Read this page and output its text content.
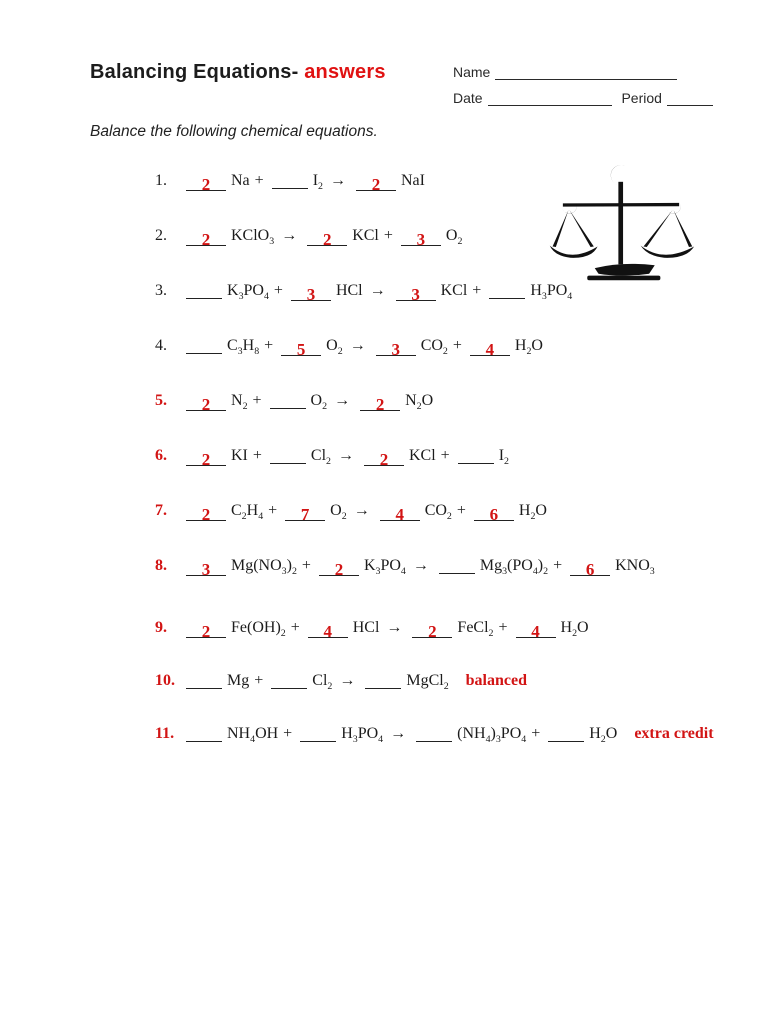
Balancing Equations- answers	Name
Date	Period

Balance the following chemical equations.

1.	2 Na +	$I_2 \to 2$ NaI
2.	2 KClO$_3$ → 2 KCl + 3 $O_2$
3.	$K_3PO_4 + 3$ HCl → 3 KCl +	$H_3PO_4$
4.	$C_3H_8 + 5$ $O_2 \to 3$ $CO_2 + 4$ $H_2O$
5.	2 $N_2$ +	$O_2 \to 2$ $N_2O$
6.	2 KI +	$Cl_2 \to 2$ KCl +	$I_2$
7.	2 $C_2H_4 + 7$ $O_2 \to 4$ $CO_2 + 6$ $H_2O$
8.	3 $Mg(NO_3)_2 + 2$ $K_3PO_4$ →	$Mg_3(PO_4)_2 + 6$ $KNO_3$
9.	2 $Fe(OH)_2 + 4$ HCl → 2 FeCl$_2$ + 4 $H_2O$
10.	Mg +	$Cl_2$ →	MgCl$_2$ balanced
11.	$NH_4OH$ +	$H_3PO_4$ →	$(NH_4)_3PO_4$ +	$H_2O$ extra credit
